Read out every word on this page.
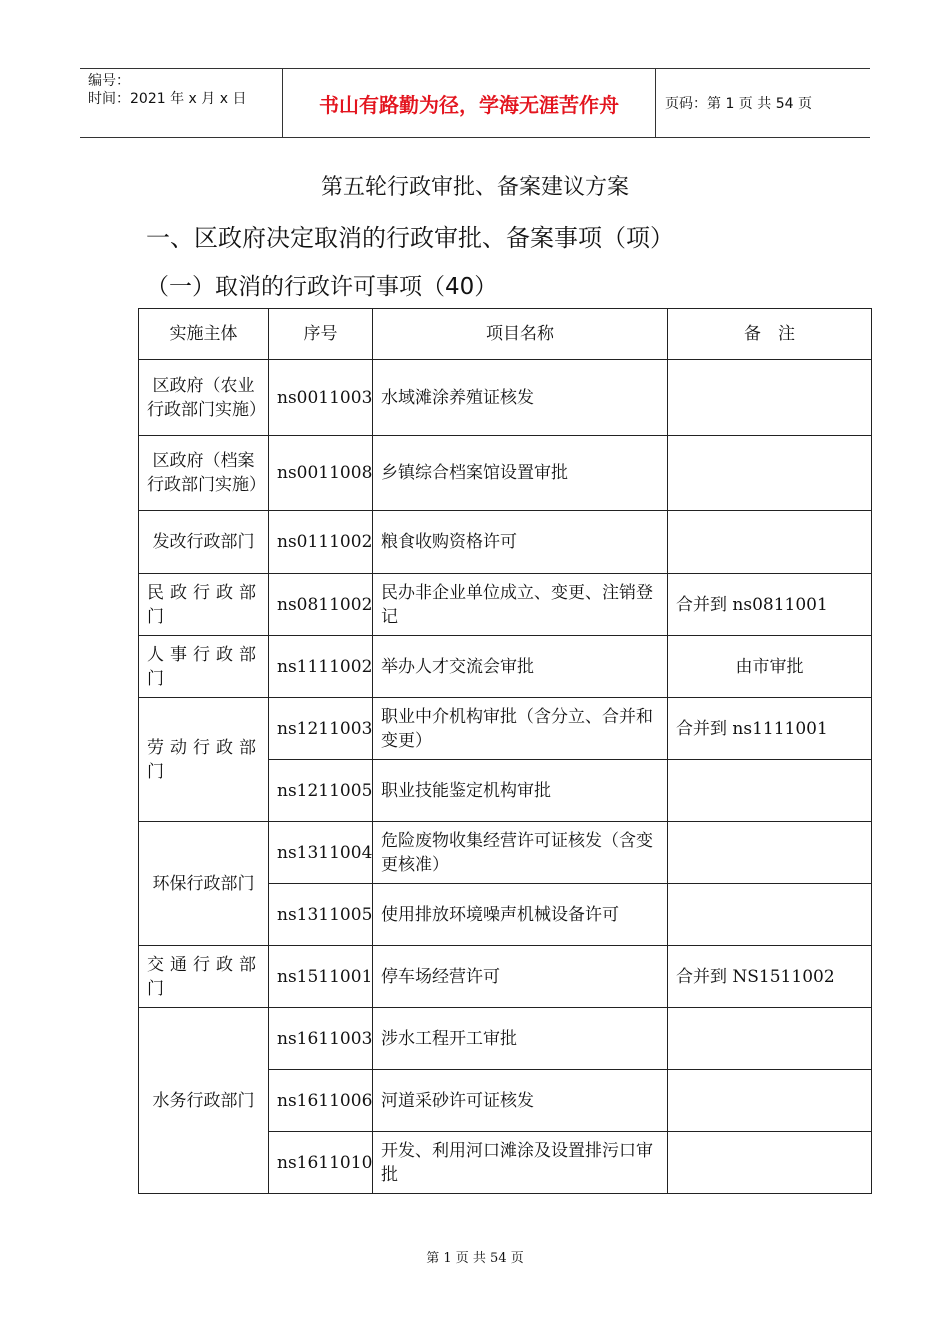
编号：
时间：2021 年 x 月 x 日	书山有路勤为径，学海无涯苦作舟	页码：第 1 页 共 54 页
第五轮行政审批、备案建议方案
一、区政府决定取消的行政审批、备案事项（项）
（一）取消的行政许可事项（40）
实施主体	序号	项目名称	备　注
区政府（农业行政部门实施）	ns0011003	水域滩涂养殖证核发	
区政府（档案行政部门实施）	ns0011008	乡镇综合档案馆设置审批	
发改行政部门	ns0111002	粮食收购资格许可	
民政行政部门	ns0811002	民办非企业单位成立、变更、注销登记	合并到 ns0811001
人事行政部门	ns1111002	举办人才交流会审批	由市审批
劳动行政部门	ns1211003	职业中介机构审批（含分立、合并和变更）	合并到 ns1111001
	ns1211005	职业技能鉴定机构审批	
环保行政部门	ns1311004	危险废物收集经营许可证核发（含变更核准）	
	ns1311005	使用排放环境噪声机械设备许可	
交通行政部门	ns1511001	停车场经营许可	合并到 NS1511002
水务行政部门	ns1611003	涉水工程开工审批	
	ns1611006	河道采砂许可证核发	
	ns1611010	开发、利用河口滩涂及设置排污口审批	
第 1 页 共 54 页
